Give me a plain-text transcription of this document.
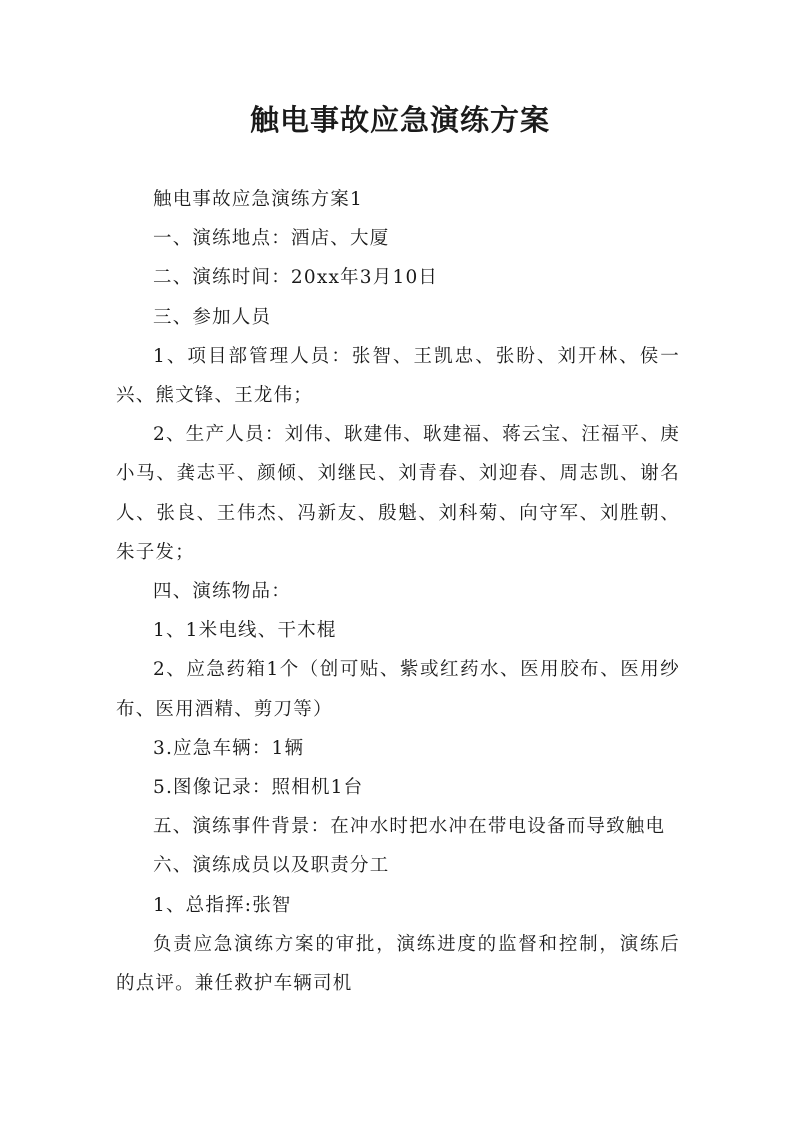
触电事故应急演练方案

触电事故应急演练方案1

一、演练地点：酒店、大厦

二、演练时间：20xx年3月10日

三、参加人员

1、项目部管理人员：张智、王凯忠、张盼、刘开林、侯一兴、熊文锋、王龙伟；

2、生产人员：刘伟、耿建伟、耿建福、蒋云宝、汪福平、庚小马、龚志平、颜倾、刘继民、刘青春、刘迎春、周志凯、谢名人、张良、王伟杰、冯新友、殷魁、刘科菊、向守军、刘胜朝、朱子发；

四、演练物品：

1、1米电线、干木棍

2、应急药箱1个（创可贴、紫或红药水、医用胶布、医用纱布、医用酒精、剪刀等）

3.应急车辆：1辆

5.图像记录：照相机1台

五、演练事件背景：在冲水时把水冲在带电设备而导致触电

六、演练成员以及职责分工

1、总指挥:张智

负责应急演练方案的审批，演练进度的监督和控制，演练后的点评。兼任救护车辆司机
